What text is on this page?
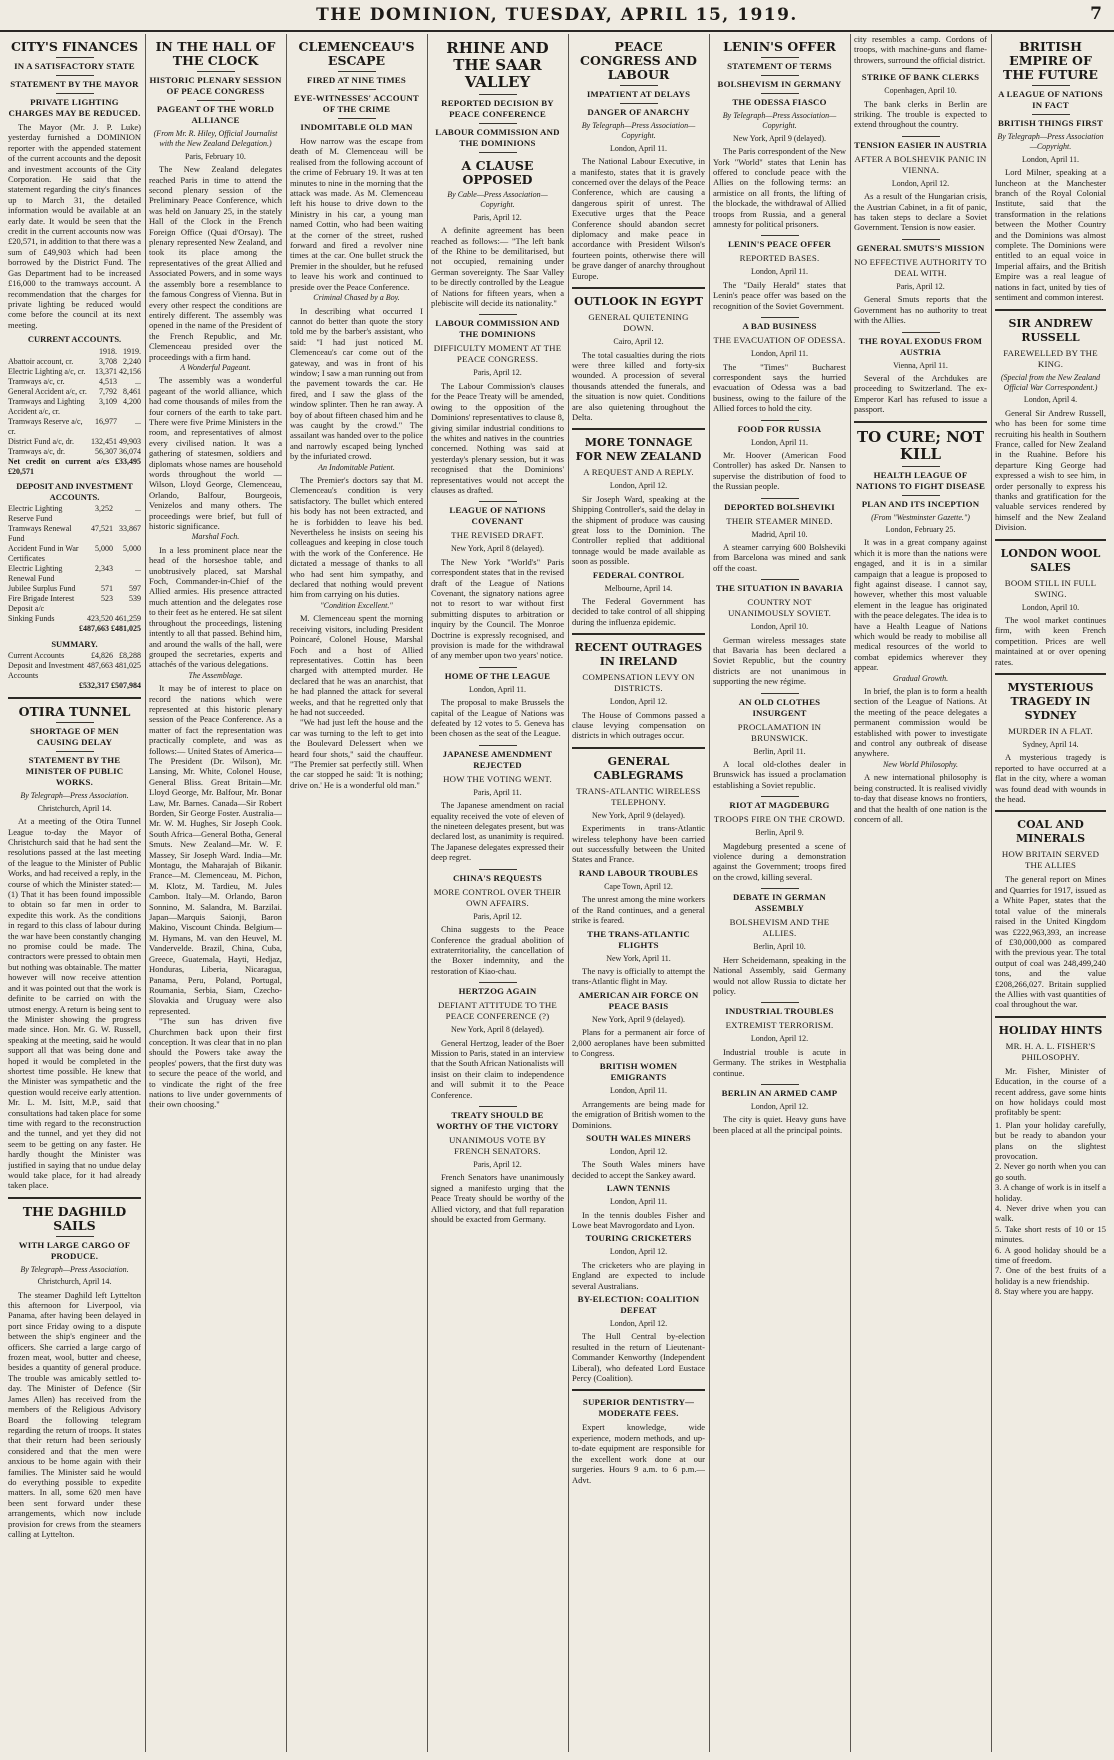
THE DOMINION, TUESDAY, APRIL 15, 1919.	7
CITY'S FINANCES
IN A SATISFACTORY STATE
STATEMENT BY THE MAYOR
PRIVATE LIGHTING CHARGES MAY BE REDUCED.

The Mayor (Mr. J. P. Luke) yesterday furnished a DOMINION reporter with the appended statement of the current accounts and the deposit and investment accounts of the City Corporation. He said that the statement regarding the city's finances up to March 31, the detailed information would be available at an early date. It would be seen that the credit in the current accounts now was £20,571, in addition to that there was a sum of £49,903 which had been borrowed by the District Fund. The Gas Department had to be increased £16,000 to the tramways account. A recommendation that the charges for private lighting be reduced would come before the council at its next meeting.

CURRENT ACCOUNTS.
	1918.	1919.
Abattoir account, cr.	3,708	2,240
Electric Lighting a/c, cr.	13,371	42,156
Tramways a/c, cr.	4,513	...
General Accident a/c, cr.	7,792	8,461
Tramways and Lighting Accident a/c, cr.	3,109	4,200
Tramways Reserve a/c, cr.	16,977	...
District Fund a/c, dr.	132,451	49,903
Tramways a/c, dr.	56,307	36,074
Net credit on current a/cs £33,495 £20,571
DEPOSIT AND INVESTMENT ACCOUNTS.
Electric Lighting Reserve Fund	3,252	...
Tramways Renewal Fund	47,521	33,867
Accident Fund in War Certificates	5,000	5,000
Electric Lighting Renewal Fund	2,343	...
Jubilee Surplus Fund	571	597
Fire Brigade Interest Deposit a/c	523	539
Sinking Funds	423,520	461,259
£487,663 £481,025
SUMMARY.
Current Accounts	£4,826	£8,288
Deposit and Investment Accounts	487,663	481,025
£532,317 £507,984
OTIRA TUNNEL
SHORTAGE OF MEN CAUSING DELAY
STATEMENT BY THE MINISTER OF PUBLIC WORKS.
By Telegraph—Press Association.
Christchurch, April 14.

At a meeting of the Otira Tunnel League to-day the Mayor of Christchurch said that he had sent the resolutions passed at the last meeting of the league to the Minister of Public Works, and had received a reply, in the course of which the Minister stated:—(1) That it has been found impossible to obtain so far men in order to expedite this work. As the conditions in regard to this class of labour during the war have been constantly changing no promise could be made. The contractors were pressed to obtain men but nothing was obtainable. The matter however will now receive attention and it was pointed out that the work is definite to be carried on with the utmost energy. A return is being sent to the Minister showing the progress made since. Hon. Mr. G. W. Russell, speaking at the meeting, said he would support all that was being done and hoped it would be completed in the shortest time possible. He knew that the Minister was sympathetic and the question would receive early attention. Mr. L. M. Isitt, M.P., said that consultations had taken place for some time with regard to the reconstruction and the tunnel, and yet they did not seem to be getting on any faster. He hardly thought the Minister was justified in saying that no undue delay would take place, for it had already taken place.

THE DAGHILD SAILS
WITH LARGE CARGO OF PRODUCE.
By Telegraph—Press Association.
Christchurch, April 14.

The steamer Daghild left Lyttelton this afternoon for Liverpool, via Panama, after having been delayed in port since Friday owing to a dispute between the ship's engineer and the officers. She carried a large cargo of frozen meat, wool, butter and cheese, besides a quantity of general produce. The trouble was amicably settled to-day. The Minister of Defence (Sir James Allen) has received from the members of the Religious Advisory Board the following telegram regarding the return of troops. It states that their return had been seriously considered and that the men were anxious to be home again with their families. The Minister said he would do everything possible to expedite matters. In all, some 620 men have been sent forward under these arrangements, which now include provision for crews from the steamers calling at Lyttelton.

IN THE HALL OF THE CLOCK
HISTORIC PLENARY SESSION OF PEACE CONGRESS
PAGEANT OF THE WORLD ALLIANCE
(From Mr. R. Hiley, Official Journalist with the New Zealand Delegation.)
Paris, February 10.

The New Zealand delegates reached Paris in time to attend the second plenary session of the Preliminary Peace Conference, which was held on January 25, in the stately Hall of the Clock in the French Foreign Office (Quai d'Orsay). The plenary represented New Zealand, and took its place among the representatives of the great Allied and Associated Powers, and in some ways the assembly bore a resemblance to the famous Congress of Vienna. But in every other respect the conditions are entirely different. The assembly was opened in the name of the President of the French Republic, and Mr. Clemenceau presided over the proceedings with a firm hand.

A Wonderful Pageant.

The assembly was a wonderful pageant of the world alliance, which had come thousands of miles from the four corners of the earth to take part. There were five Prime Ministers in the room, and representatives of almost every civilised nation. It was a gathering of statesmen, soldiers and diplomats whose names are household words throughout the world — Wilson, Lloyd George, Clemenceau, Orlando, Balfour, Bourgeois, Venizelos and many others. The proceedings were brief, but full of historic significance.

Marshal Foch.

In a less prominent place near the head of the horseshoe table, and unobtrusively placed, sat Marshal Foch, Commander-in-Chief of the Allied armies. His presence attracted much attention and the delegates rose to their feet as he entered. He sat silent throughout the proceedings, listening intently to all that passed. Behind him, and around the walls of the hall, were grouped the secretaries, experts and attachés of the various delegations.

The Assemblage.

It may be of interest to place on record the nations which were represented at this historic plenary session of the Peace Conference. As a matter of fact the representation was practically complete, and was as follows:— United States of America—The President (Dr. Wilson), Mr. Lansing, Mr. White, Colonel House, General Bliss. Great Britain—Mr. Lloyd George, Mr. Balfour, Mr. Bonar Law, Mr. Barnes. Canada—Sir Robert Borden, Sir George Foster. Australia—Mr. W. M. Hughes, Sir Joseph Cook. South Africa—General Botha, General Smuts. New Zealand—Mr. W. F. Massey, Sir Joseph Ward. India—Mr. Montagu, the Maharajah of Bikanir. France—M. Clemenceau, M. Pichon, M. Klotz, M. Tardieu, M. Jules Cambon. Italy—M. Orlando, Baron Sonnino, M. Salandra, M. Barzilai. Japan—Marquis Saionji, Baron Makino, Viscount Chinda. Belgium—M. Hymans, M. van den Heuvel, M. Vandervelde. Brazil, China, Cuba, Greece, Guatemala, Hayti, Hedjaz, Honduras, Liberia, Nicaragua, Panama, Peru, Poland, Portugal, Roumania, Serbia, Siam, Czecho-Slovakia and Uruguay were also represented.

"The sun has driven five Churchmen back upon their first conception. It was clear that in no plan should the Powers take away the peoples' powers, that the first duty was to secure the peace of the world, and to vindicate the right of the free nations to live under governments of their own choosing."

CLEMENCEAU'S ESCAPE
FIRED AT NINE TIMES
EYE-WITNESSES' ACCOUNT OF THE CRIME
INDOMITABLE OLD MAN

How narrow was the escape from death of M. Clemenceau will be realised from the following account of the crime of February 19. It was at ten minutes to nine in the morning that the attack was made. As M. Clemenceau left his house to drive down to the Ministry in his car, a young man named Cottin, who had been waiting at the corner of the street, rushed forward and fired a revolver nine times at the car. One bullet struck the Premier in the shoulder, but he refused to leave his work and continued to preside over the Peace Conference.

Criminal Chased by a Boy.

In describing what occurred I cannot do better than quote the story told me by the barber's assistant, who said: "I had just noticed M. Clemenceau's car come out of the gateway, and was in front of his window; I saw a man running out from the pavement towards the car. He fired, and I saw the glass of the window splinter. Then he ran away. A boy of about fifteen chased him and he was caught by the crowd." The assailant was handed over to the police and narrowly escaped being lynched by the infuriated crowd.

An Indomitable Patient.

The Premier's doctors say that M. Clemenceau's condition is very satisfactory. The bullet which entered his body has not been extracted, and he is forbidden to leave his bed. Nevertheless he insists on seeing his colleagues and keeping in close touch with the work of the Conference. He dictated a message of thanks to all who had sent him sympathy, and declared that nothing would prevent him from carrying on his duties.

"Condition Excellent."

M. Clemenceau spent the morning receiving visitors, including President Poincaré, Colonel House, Marshal Foch and a host of Allied representatives. Cottin has been charged with attempted murder. He declared that he was an anarchist, that he had planned the attack for several weeks, and that he regretted only that he had not succeeded.

"We had just left the house and the car was turning to the left to get into the Boulevard Delessert when we heard four shots," said the chauffeur. "The Premier sat perfectly still. When the car stopped he said: 'It is nothing; drive on.' He is a wonderful old man."

RHINE AND THE SAAR VALLEY
REPORTED DECISION BY PEACE CONFERENCE
LABOUR COMMISSION AND THE DOMINIONS
A CLAUSE OPPOSED
By Cable—Press Association—Copyright.
Paris, April 12.

A definite agreement has been reached as follows:— "The left bank of the Rhine to be demilitarised, but not occupied, remaining under German sovereignty. The Saar Valley to be directly controlled by the League of Nations for fifteen years, when a plebiscite will decide its nationality."

LABOUR COMMISSION AND THE DOMINIONS
DIFFICULTY MOMENT AT THE PEACE CONGRESS.
Paris, April 12.

The Labour Commission's clauses for the Peace Treaty will be amended, owing to the opposition of the Dominions' representatives to clause 8, giving similar industrial conditions to the whites and natives in the countries concerned. Nothing was said at yesterday's plenary session, but it was recognised that the Dominions' representatives would not accept the clauses as drafted.

LEAGUE OF NATIONS COVENANT
THE REVISED DRAFT.
New York, April 8 (delayed).

The New York "World's" Paris correspondent states that in the revised draft of the League of Nations Covenant, the signatory nations agree not to resort to war without first submitting disputes to arbitration or inquiry by the Council. The Monroe Doctrine is expressly recognised, and provision is made for the withdrawal of any member upon two years' notice.

HOME OF THE LEAGUE
London, April 11.

The proposal to make Brussels the capital of the League of Nations was defeated by 12 votes to 5. Geneva has been chosen as the seat of the League.

JAPANESE AMENDMENT REJECTED
HOW THE VOTING WENT.
Paris, April 11.

The Japanese amendment on racial equality received the vote of eleven of the nineteen delegates present, but was declared lost, as unanimity is required. The Japanese delegates expressed their deep regret.

CHINA'S REQUESTS
MORE CONTROL OVER THEIR OWN AFFAIRS.
Paris, April 12.

China suggests to the Peace Conference the gradual abolition of extraterritoriality, the cancellation of the Boxer indemnity, and the restoration of Kiao-chau.

HERTZOG AGAIN
DEFIANT ATTITUDE TO THE PEACE CONFERENCE (?)
New York, April 8 (delayed).

General Hertzog, leader of the Boer Mission to Paris, stated in an interview that the South African Nationalists will insist on their claim to independence and will submit it to the Peace Conference.

TREATY SHOULD BE WORTHY OF THE VICTORY
UNANIMOUS VOTE BY FRENCH SENATORS.
Paris, April 12.

French Senators have unanimously signed a manifesto urging that the Peace Treaty should be worthy of the Allied victory, and that full reparation should be exacted from Germany.

PEACE CONGRESS AND LABOUR
IMPATIENT AT DELAYS
DANGER OF ANARCHY
By Telegraph—Press Association—Copyright.
London, April 11.

The National Labour Executive, in a manifesto, states that it is gravely concerned over the delays of the Peace Conference, which are causing a dangerous spirit of unrest. The Executive urges that the Peace Conference should abandon secret diplomacy and make peace in accordance with President Wilson's fourteen points, otherwise there will be grave danger of anarchy throughout Europe.

OUTLOOK IN EGYPT
GENERAL QUIETENING DOWN.
Cairo, April 12.

The total casualties during the riots were three killed and forty-six wounded. A procession of several thousands attended the funerals, and the situation is now quiet. Conditions are also quietening throughout the Delta.

MORE TONNAGE FOR NEW ZEALAND
A REQUEST AND A REPLY.
London, April 12.

Sir Joseph Ward, speaking at the Shipping Controller's, said the delay in the shipment of produce was causing great loss to the Dominion. The Controller replied that additional tonnage would be made available as soon as possible.

FEDERAL CONTROL
Melbourne, April 14.

The Federal Government has decided to take control of all shipping during the influenza epidemic.

RECENT OUTRAGES IN IRELAND
COMPENSATION LEVY ON DISTRICTS.
London, April 12.

The House of Commons passed a clause levying compensation on districts in which outrages occur.

GENERAL CABLEGRAMS
TRANS-ATLANTIC WIRELESS TELEPHONY.
New York, April 9 (delayed).

Experiments in trans-Atlantic wireless telephony have been carried out successfully between the United States and France.

RAND LABOUR TROUBLES
Cape Town, April 12.

The unrest among the mine workers of the Rand continues, and a general strike is feared.

THE TRANS-ATLANTIC FLIGHTS
New York, April 11.

The navy is officially to attempt the trans-Atlantic flight in May.

AMERICAN AIR FORCE ON PEACE BASIS
New York, April 9 (delayed).

Plans for a permanent air force of 2,000 aeroplanes have been submitted to Congress.

BRITISH WOMEN EMIGRANTS
London, April 11.

Arrangements are being made for the emigration of British women to the Dominions.

SOUTH WALES MINERS
London, April 12.

The South Wales miners have decided to accept the Sankey award.

LAWN TENNIS
London, April 11.

In the tennis doubles Fisher and Lowe beat Mavrogordato and Lyon.

TOURING CRICKETERS
London, April 12.

The cricketers who are playing in England are expected to include several Australians.

BY-ELECTION: COALITION DEFEAT
London, April 12.

The Hull Central by-election resulted in the return of Lieutenant-Commander Kenworthy (Independent Liberal), who defeated Lord Eustace Percy (Coalition).

SUPERIOR DENTISTRY—MODERATE FEES.

Expert knowledge, wide experience, modern methods, and up-to-date equipment are responsible for the excellent work done at our surgeries. Hours 9 a.m. to 6 p.m.—Advt.

LENIN'S OFFER
STATEMENT OF TERMS
BOLSHEVISM IN GERMANY
THE ODESSA FIASCO
By Telegraph—Press Association—Copyright.
New York, April 9 (delayed).

The Paris correspondent of the New York "World" states that Lenin has offered to conclude peace with the Allies on the following terms: an armistice on all fronts, the lifting of the blockade, the withdrawal of Allied troops from Russia, and a general amnesty for political prisoners.

LENIN'S PEACE OFFER
REPORTED BASES.
London, April 11.

The "Daily Herald" states that Lenin's peace offer was based on the recognition of the Soviet Government.

A BAD BUSINESS
THE EVACUATION OF ODESSA.
London, April 11.

The "Times" Bucharest correspondent says the hurried evacuation of Odessa was a bad business, owing to the failure of the Allied forces to hold the city.

FOOD FOR RUSSIA
London, April 11.

Mr. Hoover (American Food Controller) has asked Dr. Nansen to supervise the distribution of food to the Russian people.

DEPORTED BOLSHEVIKI
THEIR STEAMER MINED.
Madrid, April 10.

A steamer carrying 600 Bolsheviki from Barcelona was mined and sank off the coast.

THE SITUATION IN BAVARIA
COUNTRY NOT UNANIMOUSLY SOVIET.
London, April 10.

German wireless messages state that Bavaria has been declared a Soviet Republic, but the country districts are not unanimous in supporting the new régime.

AN OLD CLOTHES INSURGENT
PROCLAMATION IN BRUNSWICK.
Berlin, April 11.

A local old-clothes dealer in Brunswick has issued a proclamation establishing a Soviet republic.

RIOT AT MAGDEBURG
TROOPS FIRE ON THE CROWD.
Berlin, April 9.

Magdeburg presented a scene of violence during a demonstration against the Government; troops fired on the crowd, killing several.

DEBATE IN GERMAN ASSEMBLY
BOLSHEVISM AND THE ALLIES.
Berlin, April 10.

Herr Scheidemann, speaking in the National Assembly, said Germany would not allow Russia to dictate her policy.

INDUSTRIAL TROUBLES
EXTREMIST TERRORISM.
London, April 12.

Industrial trouble is acute in Germany. The strikes in Westphalia continue.

BERLIN AN ARMED CAMP
London, April 12.

The city is quiet. Heavy guns have been placed at all the principal points.

city resembles a camp. Cordons of troops, with machine-guns and flame-throwers, surround the official district.

STRIKE OF BANK CLERKS
Copenhagen, April 10.

The bank clerks in Berlin are striking. The trouble is expected to extend throughout the country.

TENSION EASIER IN AUSTRIA
AFTER A BOLSHEVIK PANIC IN VIENNA.
London, April 12.

As a result of the Hungarian crisis, the Austrian Cabinet, in a fit of panic, has taken steps to declare a Soviet Government. Tension is now easier.

GENERAL SMUTS'S MISSION
NO EFFECTIVE AUTHORITY TO DEAL WITH.
Paris, April 12.

General Smuts reports that the Government has no authority to treat with the Allies.

THE ROYAL EXODUS FROM AUSTRIA
Vienna, April 11.

Several of the Archdukes are proceeding to Switzerland. The ex-Emperor Karl has refused to issue a passport.

TO CURE; NOT KILL
HEALTH LEAGUE OF NATIONS TO FIGHT DISEASE
PLAN AND ITS INCEPTION
(From "Westminster Gazette.")
London, February 25.

It was in a great company against which it is more than the nations were engaged, and it is in a similar campaign that a league is proposed to fight against disease. I cannot say, however, whether this most valuable element in the league has originated with the peace delegates. The idea is to have a Health League of Nations which would be ready to mobilise all medical resources of the world to combat epidemics wherever they appear.

Gradual Growth.

In brief, the plan is to form a health section of the League of Nations. At the meeting of the peace delegates a permanent commission would be established with power to investigate and control any outbreak of disease anywhere.

New World Philosophy.

A new international philosophy is being constructed. It is realised vividly to-day that disease knows no frontiers, and that the health of one nation is the concern of all.

BRITISH EMPIRE OF THE FUTURE
A LEAGUE OF NATIONS IN FACT
BRITISH THINGS FIRST
By Telegraph—Press Association—Copyright.
London, April 11.

Lord Milner, speaking at a luncheon at the Manchester branch of the Royal Colonial Institute, said that the transformation in the relations between the Mother Country and the Dominions was almost complete. The Dominions were entitled to an equal voice in Imperial affairs, and the British Empire was a real league of nations in fact, united by ties of sentiment and common interest.

SIR ANDREW RUSSELL
FAREWELLED BY THE KING.
(Special from the New Zealand Official War Correspondent.)
London, April 4.

General Sir Andrew Russell, who has been for some time recruiting his health in Southern France, called for New Zealand in the Ruahine. Before his departure King George had expressed a wish to see him, in order personally to express his thanks and gratification for the valuable services rendered by himself and the New Zealand Division.

LONDON WOOL SALES
BOOM STILL IN FULL SWING.
London, April 10.

The wool market continues firm, with keen French competition. Prices are well maintained at or over opening rates.

MYSTERIOUS TRAGEDY IN SYDNEY
MURDER IN A FLAT.
Sydney, April 14.

A mysterious tragedy is reported to have occurred at a flat in the city, where a woman was found dead with wounds in the head.

COAL AND MINERALS
HOW BRITAIN SERVED THE ALLIES

The general report on Mines and Quarries for 1917, issued as a White Paper, states that the total value of the minerals raised in the United Kingdom was £222,963,393, an increase of £30,000,000 as compared with the previous year. The total output of coal was 248,499,240 tons, and the value £208,266,027. Britain supplied the Allies with vast quantities of coal throughout the war.

HOLIDAY HINTS
MR. H. A. L. FISHER'S PHILOSOPHY.

Mr. Fisher, Minister of Education, in the course of a recent address, gave some hints on how holidays could most profitably be spent:

1. Plan your holiday carefully, but be ready to abandon your plans on the slightest provocation.
2. Never go north when you can go south.
3. A change of work is in itself a holiday.
4. Never drive when you can walk.
5. Take short rests of 10 or 15 minutes.
6. A good holiday should be a time of freedom.
7. One of the best fruits of a holiday is a new friendship.
8. Stay where you are happy.
